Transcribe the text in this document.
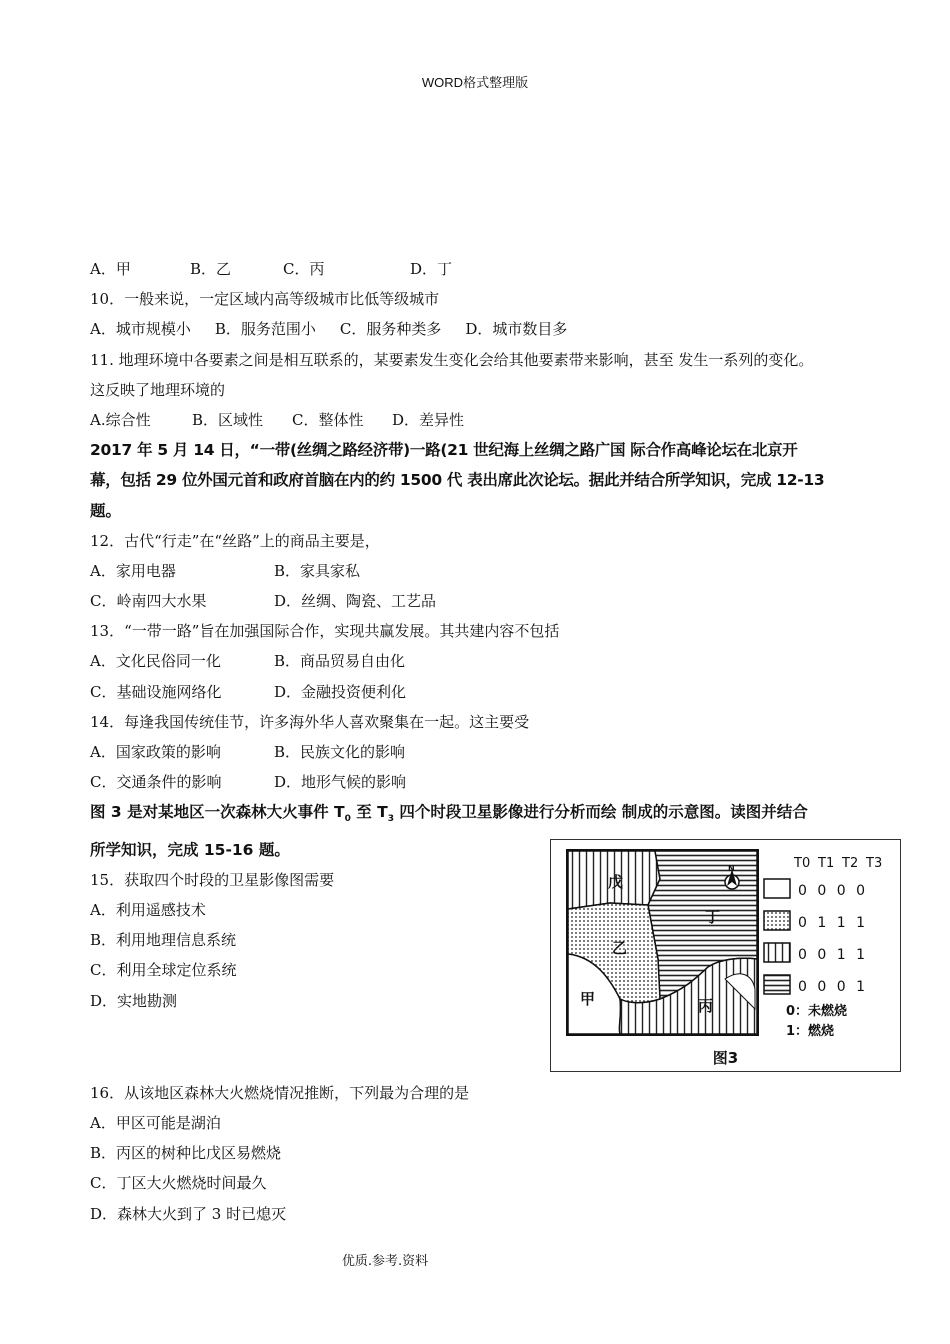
WORD格式整理版
A．甲	B．乙	C．丙	D．丁
10．一般来说，一定区域内高等级城市比低等级城市
A．城市规模小 B．服务范围小 C．服务种类多 D．城市数目多
11. 地理环境中各要素之间是相互联系的，某要素发生变化会给其他要素带来影响，甚至 发生一系列的变化。
这反映了地理环境的
A.综合性	B．区域性 C．整体性 D．差异性
2017 年 5 月 14 日，“一带(丝绸之路经济带)一路(21 世纪海上丝绸之路广国 际合作高峰论坛在北京开
幕，包括 29 位外国元首和政府首脑在内的约 1500 代 表出席此次论坛。据此并结合所学知识，完成 12-13
题。
12．古代“行走”在“丝路”上的商品主要是，
A．家用电器	B．家具家私
C．岭南四大水果	D．丝绸、陶瓷、工艺品
13．“一带一路”旨在加强国际合作，实现共赢发展。其共建内容不包括
A．文化民俗同一化	B．商品贸易自由化
C．基础设施网络化	D．金融投资便利化
14．每逢我国传统佳节，许多海外华人喜欢聚集在一起。这主要受
A．国家政策的影响	B．民族文化的影响
C．交通条件的影响	D．地形气候的影响
图 3 是对某地区一次森林大火事件 $T_0$ 至 $T_3$ 四个时段卫星影像进行分析而绘 制成的示意图。读图并结合
所学知识，完成 15-16 题。
15．获取四个时段的卫星影像图需要
A．利用遥感技术
B．利用地理信息系统
C．利用全球定位系统
D．实地勘测
16．从该地区森林大火燃烧情况推断，下列最为合理的是
A．甲区可能是湖泊
B．丙区的树种比戊区易燃烧
C．丁区大火燃烧时间最久
D．森林大火到了 3 时已熄灭
戊
乙
甲	丙
丁
N	T0 T1 T2 T3
0 0 0 0
0 1 1 1
0 0 1 1
0 0 0 1
0：未燃烧
1：燃烧
图3
优质.参考.资料
